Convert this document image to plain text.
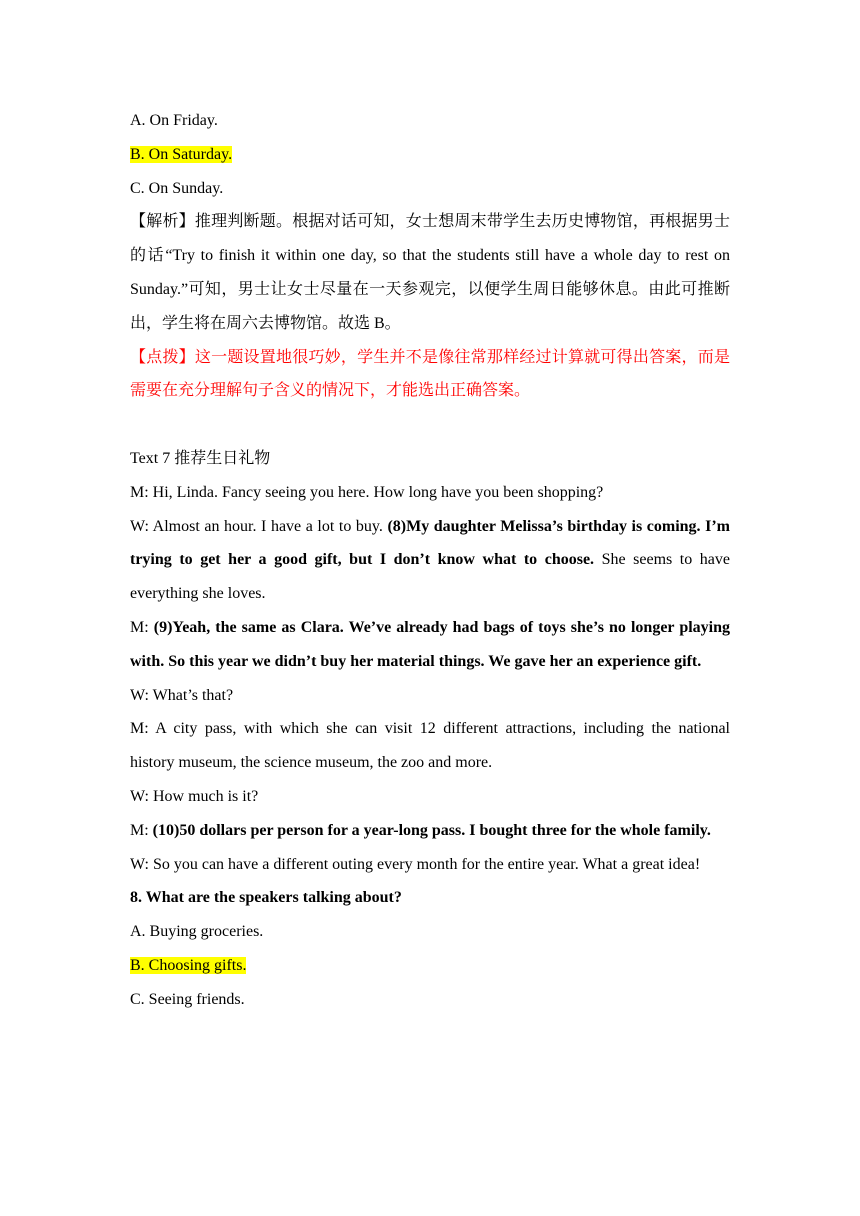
A. On Friday.
B. On Saturday.
C. On Sunday.
【解析】推理判断题。根据对话可知，女士想周末带学生去历史博物馆，再根据男士的话“Try to finish it within one day, so that the students still have a whole day to rest on Sunday.”可知，男士让女士尽量在一天参观完，以便学生周日能够休息。由此可推断出，学生将在周六去博物馆。故选 B。
【点拨】这一题设置地很巧妙，学生并不是像往常那样经过计算就可得出答案，而是需要在充分理解句子含义的情况下，才能选出正确答案。
Text 7 推荐生日礼物
M: Hi, Linda. Fancy seeing you here. How long have you been shopping?
W: Almost an hour. I have a lot to buy. (8)My daughter Melissa’s birthday is coming. I’m trying to get her a good gift, but I don’t know what to choose. She seems to have everything she loves.
M: (9)Yeah, the same as Clara. We’ve already had bags of toys she’s no longer playing with. So this year we didn’t buy her material things. We gave her an experience gift.
W: What’s that?
M: A city pass, with which she can visit 12 different attractions, including the national history museum, the science museum, the zoo and more.
W: How much is it?
M: (10)50 dollars per person for a year-long pass. I bought three for the whole family.
W: So you can have a different outing every month for the entire year. What a great idea!
8. What are the speakers talking about?
A. Buying groceries.
B. Choosing gifts.
C. Seeing friends.
